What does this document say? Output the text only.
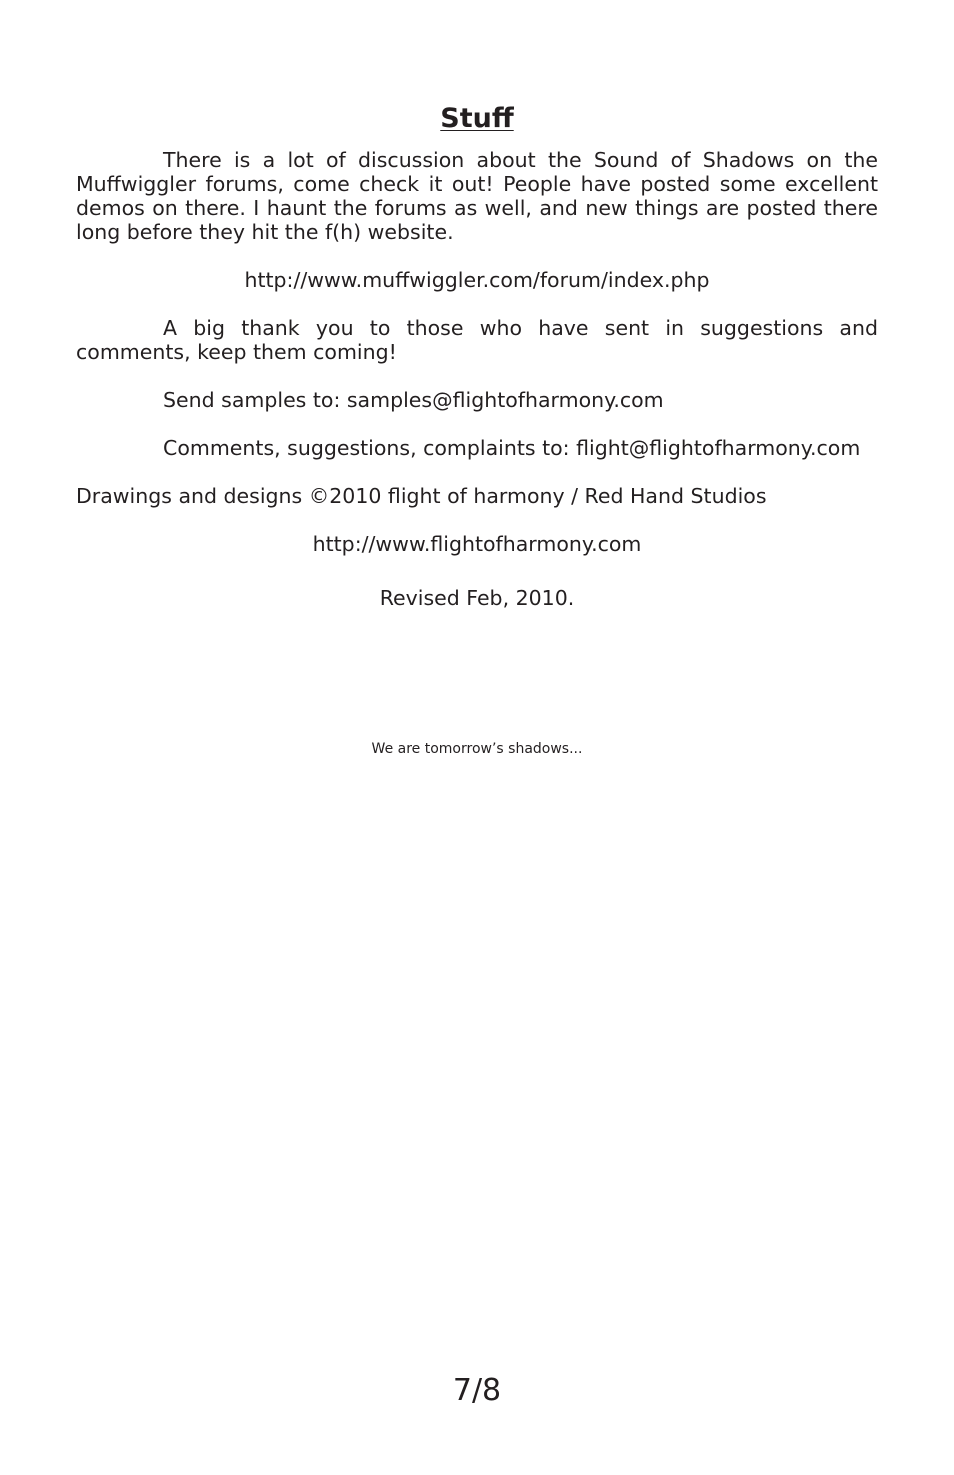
Stuff

There is a lot of discussion about the Sound of Shadows on the Muffwiggler forums, come check it out! People have posted some excellent demos on there. I haunt the forums as well, and new things are posted there long before they hit the f(h) website.

http://www.muffwiggler.com/forum/index.php

A big thank you to those who have sent in suggestions and comments, keep them coming!

Send samples to: samples@flightofharmony.com

Comments, suggestions, complaints to: flight@flightofharmony.com

Drawings and designs ©2010 flight of harmony / Red Hand Studios

http://www.flightofharmony.com

Revised Feb, 2010.

We are tomorrow’s shadows...

7/8
